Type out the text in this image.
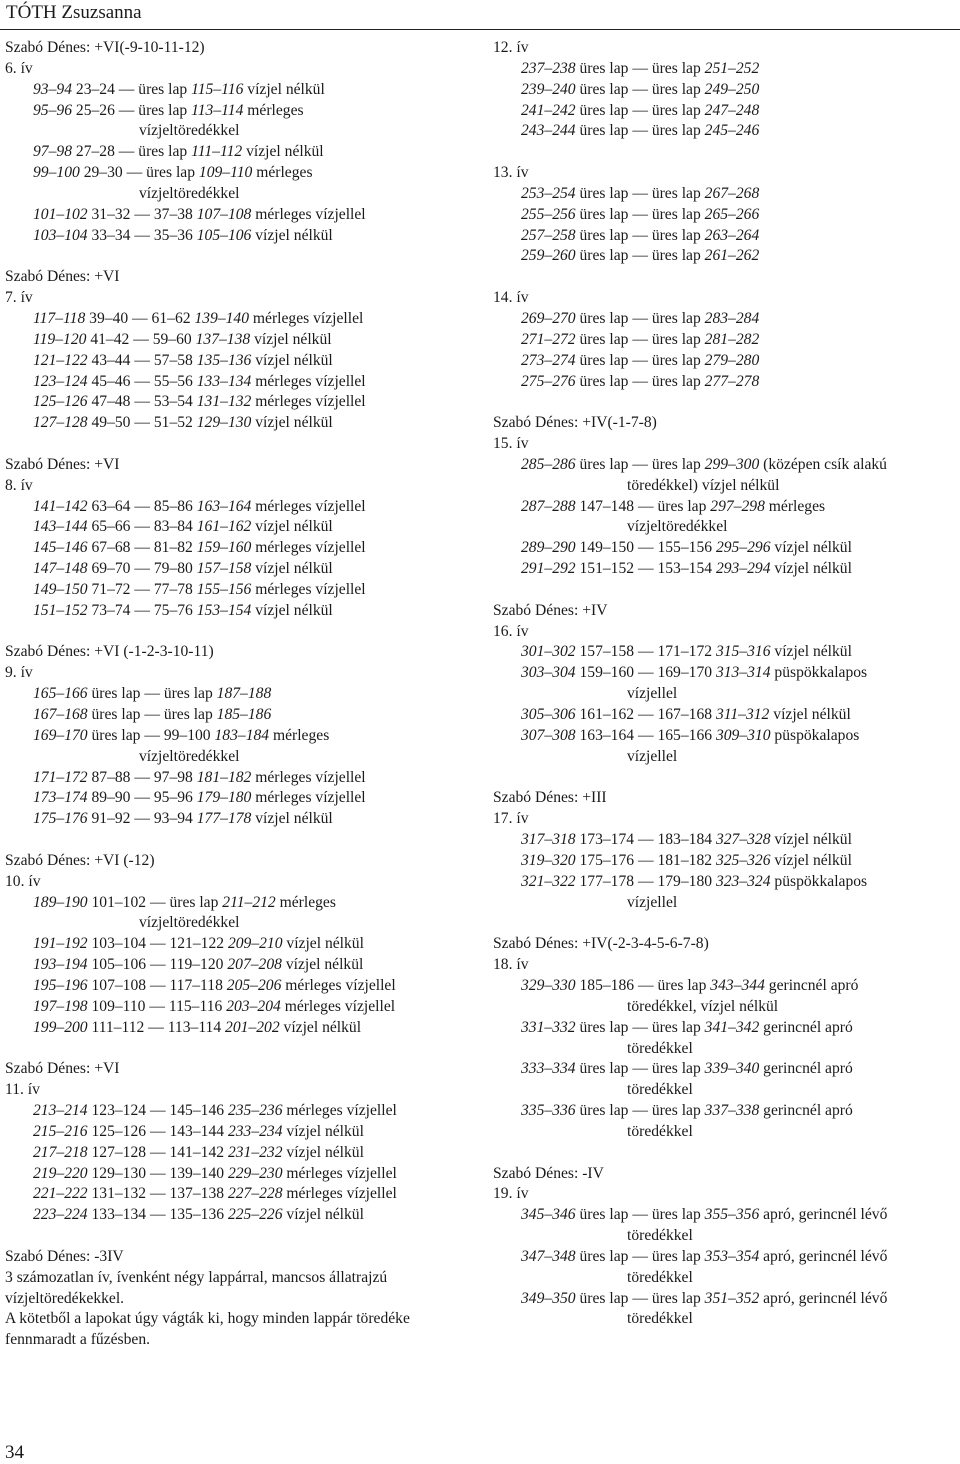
TÓTH Zsuzsanna
Szabó Dénes: +VI(-9-10-11-12)
6. ív
93–94 23–24 — üres lap 115–116 vízjel nélkül
95–96 25–26 — üres lap 113–114 mérleges
vízjeltöredékkel
97–98 27–28 — üres lap 111–112 vízjel nélkül
99–100 29–30 — üres lap 109–110 mérleges
vízjeltöredékkel
101–102 31–32 — 37–38 107–108 mérleges vízjellel
103–104 33–34 — 35–36 105–106 vízjel nélkül
Szabó Dénes: +VI
7. ív
117–118 39–40 — 61–62 139–140 mérleges vízjellel
119–120 41–42 — 59–60 137–138 vízjel nélkül
121–122 43–44 — 57–58 135–136 vízjel nélkül
123–124 45–46 — 55–56 133–134 mérleges vízjellel
125–126 47–48 — 53–54 131–132 mérleges vízjellel
127–128 49–50 — 51–52 129–130 vízjel nélkül
Szabó Dénes: +VI
8. ív
141–142 63–64 — 85–86 163–164 mérleges vízjellel
143–144 65–66 — 83–84 161–162 vízjel nélkül
145–146 67–68 — 81–82 159–160 mérleges vízjellel
147–148 69–70 — 79–80 157–158 vízjel nélkül
149–150 71–72 — 77–78 155–156 mérleges vízjellel
151–152 73–74 — 75–76 153–154 vízjel nélkül
Szabó Dénes: +VI (-1-2-3-10-11)
9. ív
165–166 üres lap — üres lap 187–188
167–168 üres lap — üres lap 185–186
169–170 üres lap — 99–100 183–184 mérleges
vízjeltöredékkel
171–172 87–88 — 97–98 181–182 mérleges vízjellel
173–174 89–90 — 95–96 179–180 mérleges vízjellel
175–176 91–92 — 93–94 177–178 vízjel nélkül
Szabó Dénes: +VI (-12)
10. ív
189–190 101–102 — üres lap 211–212 mérleges
vízjeltöredékkel
191–192 103–104 — 121–122 209–210 vízjel nélkül
193–194 105–106 — 119–120 207–208 vízjel nélkül
195–196 107–108 — 117–118 205–206 mérleges vízjellel
197–198 109–110 — 115–116 203–204 mérleges vízjellel
199–200 111–112 — 113–114 201–202 vízjel nélkül
Szabó Dénes: +VI
11. ív
213–214 123–124 — 145–146 235–236 mérleges vízjellel
215–216 125–126 — 143–144 233–234 vízjel nélkül
217–218 127–128 — 141–142 231–232 vízjel nélkül
219–220 129–130 — 139–140 229–230 mérleges vízjellel
221–222 131–132 — 137–138 227–228 mérleges vízjellel
223–224 133–134 — 135–136 225–226 vízjel nélkül
Szabó Dénes: -3IV
3 számozatlan ív, ívenként négy lappárral, mancsos állatrajzú
vízjeltöredékekkel.
A kötetből a lapokat úgy vágták ki, hogy minden lappár töredéke
fennmaradt a fűzésben.
12. ív
237–238 üres lap — üres lap 251–252
239–240 üres lap — üres lap 249–250
241–242 üres lap — üres lap 247–248
243–244 üres lap — üres lap 245–246
13. ív
253–254 üres lap — üres lap 267–268
255–256 üres lap — üres lap 265–266
257–258 üres lap — üres lap 263–264
259–260 üres lap — üres lap 261–262
14. ív
269–270 üres lap — üres lap 283–284
271–272 üres lap — üres lap 281–282
273–274 üres lap — üres lap 279–280
275–276 üres lap — üres lap 277–278
Szabó Dénes: +IV(-1-7-8)
15. ív
285–286 üres lap — üres lap 299–300 (középen csík alakú
töredékkel) vízjel nélkül
287–288 147–148 — üres lap 297–298 mérleges
vízjeltöredékkel
289–290 149–150 — 155–156 295–296 vízjel nélkül
291–292 151–152 — 153–154 293–294 vízjel nélkül
Szabó Dénes: +IV
16. ív
301–302 157–158 — 171–172 315–316 vízjel nélkül
303–304 159–160 — 169–170 313–314 püspökkalapos
vízjellel
305–306 161–162 — 167–168 311–312 vízjel nélkül
307–308 163–164 — 165–166 309–310 püspökalapos
vízjellel
Szabó Dénes: +III
17. ív
317–318 173–174 — 183–184 327–328 vízjel nélkül
319–320 175–176 — 181–182 325–326 vízjel nélkül
321–322 177–178 — 179–180 323–324 püspökkalapos
vízjellel
Szabó Dénes: +IV(-2-3-4-5-6-7-8)
18. ív
329–330 185–186 — üres lap 343–344 gerincnél apró
töredékkel, vízjel nélkül
331–332 üres lap — üres lap 341–342 gerincnél apró
töredékkel
333–334 üres lap — üres lap 339–340 gerincnél apró
töredékkel
335–336 üres lap — üres lap 337–338 gerincnél apró
töredékkel
Szabó Dénes: -IV
19. ív
345–346 üres lap — üres lap 355–356 apró, gerincnél lévő
töredékkel
347–348 üres lap — üres lap 353–354 apró, gerincnél lévő
töredékkel
349–350 üres lap — üres lap 351–352 apró, gerincnél lévő
töredékkel
34
